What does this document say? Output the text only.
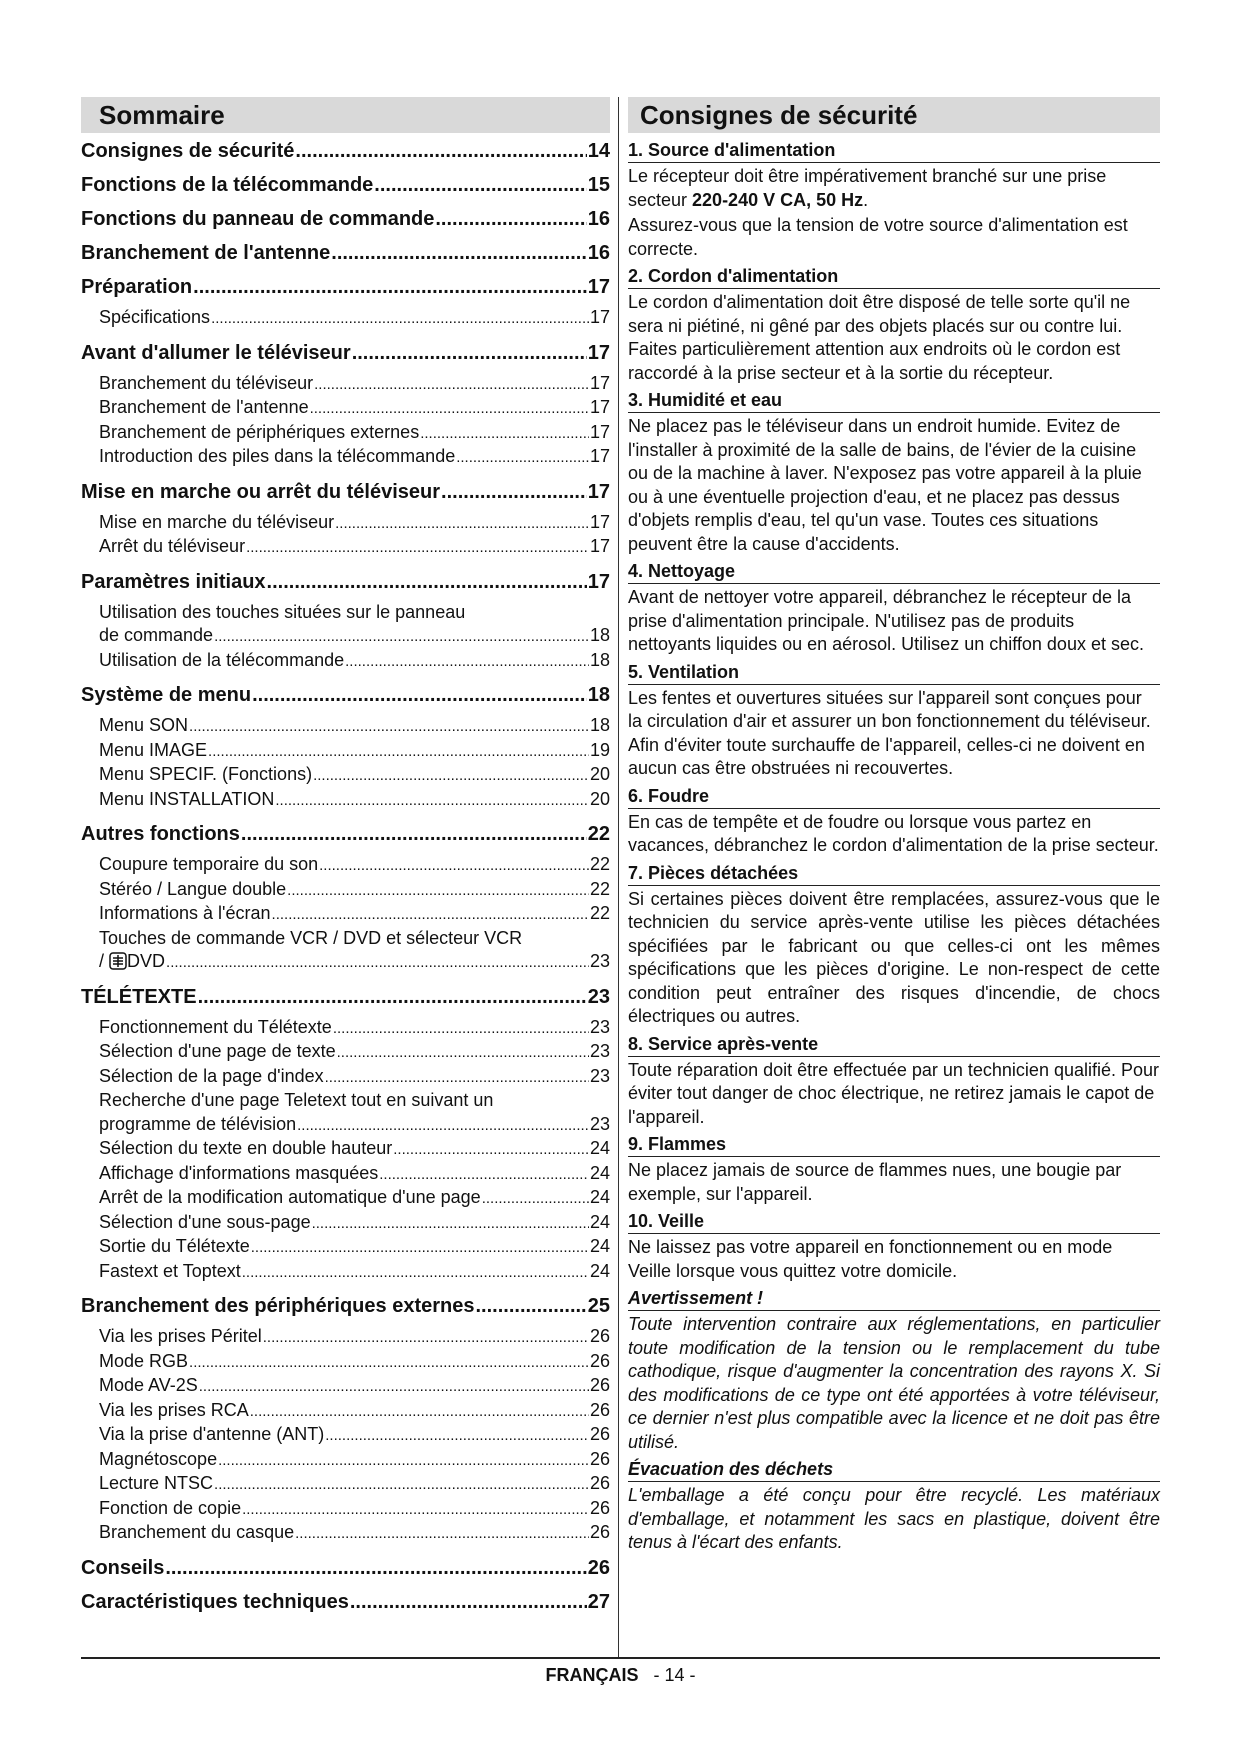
Sommaire
Consignes de sécurité .....	14
Fonctions de la télécommande .....	15
Fonctions du panneau de commande .....	16
Branchement de l'antenne .....	16
Préparation .....	17
Spécifications .....	17
Avant d'allumer le téléviseur .....	17
Branchement du téléviseur .....	17
Branchement de l'antenne .....	17
Branchement de périphériques externes .....	17
Introduction des piles dans la télécommande .....	17
Mise en marche ou arrêt du téléviseur .....	17
Mise en marche du téléviseur .....	17
Arrêt du téléviseur .....	17
Paramètres initiaux .....	17
Utilisation des touches situées sur le panneau
de commande .....	18
Utilisation de la télécommande .....	18
Système de menu .....	18
Menu SON .....	18
Menu IMAGE .....	19
Menu SPECIF. (Fonctions) .....	20
Menu INSTALLATION .....	20
Autres fonctions .....	22
Coupure temporaire du son .....	22
Stéréo / Langue double .....	22
Informations à l'écran .....	22
Touches de commande VCR / DVD et sélecteur VCR
/ DVD .....	23
TÉLÉTEXTE .....	23
Fonctionnement du Télétexte .....	23
Sélection d'une page de texte .....	23
Sélection de la page d'index .....	23
Recherche d'une page Teletext tout en suivant un
programme de télévision .....	23
Sélection du texte en double hauteur .....	24
Affichage d'informations masquées .....	24
Arrêt de la modification automatique d'une page .....	24
Sélection d'une sous-page .....	24
Sortie du Télétexte .....	24
Fastext et Toptext .....	24
Branchement des périphériques externes .....	25
Via les prises Péritel .....	26
Mode RGB .....	26
Mode AV-2S .....	26
Via les prises RCA .....	26
Via la prise d'antenne (ANT) .....	26
Magnétoscope .....	26
Lecture NTSC .....	26
Fonction de copie .....	26
Branchement du casque .....	26
Conseils .....	26
Caractéristiques techniques .....	27
Consignes de sécurité
1. Source d'alimentation
Le récepteur doit être impérativement branché sur une prise secteur 220-240 V CA, 50 Hz.
Assurez-vous que la tension de votre source d'alimentation est correcte.
2. Cordon d'alimentation
Le cordon d'alimentation doit être disposé de telle sorte qu'il ne sera ni piétiné, ni gêné par des objets placés sur ou contre lui. Faites particulièrement attention aux endroits où le cordon est raccordé à la prise secteur et à la sortie du récepteur.
3. Humidité et eau
Ne placez pas le téléviseur dans un endroit humide. Evitez de l'installer à proximité de la salle de bains, de l'évier de la cuisine ou de la machine à laver. N'exposez pas votre appareil à la pluie ou à une éventuelle projection d'eau, et ne placez pas dessus d'objets remplis d'eau, tel qu'un vase. Toutes ces situations peuvent être la cause d'accidents.
4. Nettoyage
Avant de nettoyer votre appareil, débranchez le récepteur de la prise d'alimentation principale. N'utilisez pas de produits nettoyants liquides ou en aérosol. Utilisez un chiffon doux et sec.
5. Ventilation
Les fentes et ouvertures situées sur l'appareil sont conçues pour la circulation d'air et assurer un bon fonctionnement du téléviseur. Afin d'éviter toute surchauffe de l'appareil, celles-ci ne doivent en aucun cas être obstruées ni recouvertes.
6. Foudre
En cas de tempête et de foudre ou lorsque vous partez en vacances, débranchez le cordon d'alimentation de la prise secteur.
7. Pièces détachées
Si certaines pièces doivent être remplacées, assurez-vous que le technicien du service après-vente utilise les pièces détachées spécifiées par le fabricant ou que celles-ci ont les mêmes spécifications que les pièces d'origine. Le non-respect de cette condition peut entraîner des risques d'incendie, de chocs électriques ou autres.
8. Service après-vente
Toute réparation doit être effectuée par un technicien qualifié. Pour éviter tout danger de choc électrique, ne retirez jamais le capot de l'appareil.
9. Flammes
Ne placez jamais de source de flammes nues, une bougie par exemple, sur l'appareil.
10. Veille
Ne laissez pas votre appareil en fonctionnement ou en mode Veille lorsque vous quittez votre domicile.
Avertissement !
Toute intervention contraire aux réglementations, en particulier toute modification de la tension ou le remplacement du tube cathodique, risque d'augmenter la concentration des rayons X. Si des modifications de ce type ont été apportées à votre téléviseur, ce dernier n'est plus compatible avec la licence et ne doit pas être utilisé.
Évacuation des déchets
L'emballage a été conçu pour être recyclé. Les matériaux d'emballage, et notamment les sacs en plastique, doivent être tenus à l'écart des enfants.
FRANÇAIS - 14 -
